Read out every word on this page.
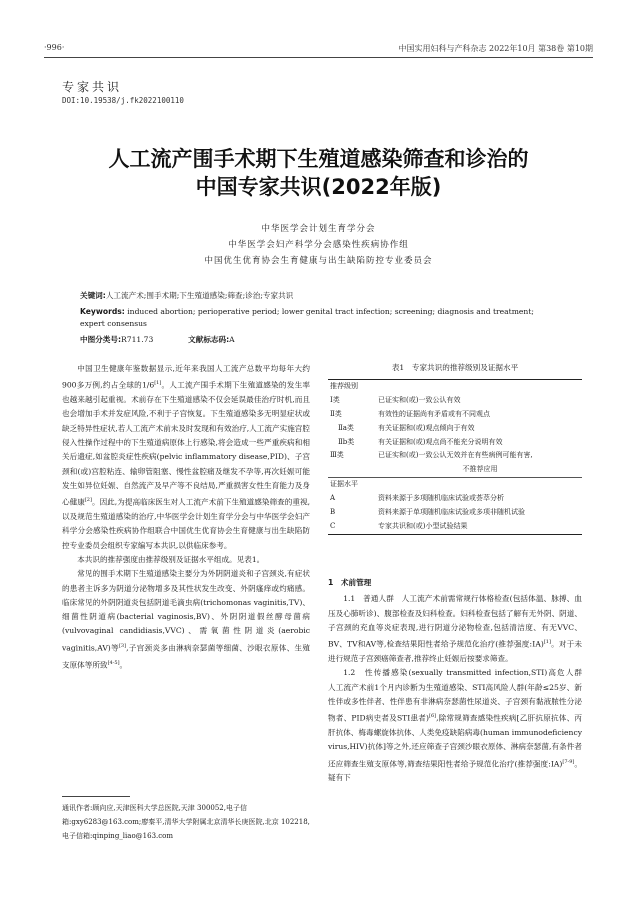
·996·	中国实用妇科与产科杂志 2022年10月 第38卷 第10期
专家共识
DOI:10.19538/j.fk2022100110
人工流产围手术期下生殖道感染筛查和诊治的
中国专家共识(2022年版)
中华医学会计划生育学分会
中华医学会妇产科学分会感染性疾病协作组
中国优生优育协会生育健康与出生缺陷防控专业委员会
关键词:人工流产术;围手术期;下生殖道感染;筛查;诊治;专家共识
Keywords: induced abortion; perioperative period; lower genital tract infection; screening; diagnosis and treatment; expert consensus
中图分类号:R711.73	文献标志码:A

中国卫生健康年鉴数据显示,近年来我国人工流产总数平均每年大约900多万例,约占全球的1/6[1]。人工流产围手术期下生殖道感染的发生率也越来越引起重视。术前存在下生殖道感染不仅会延误最佳治疗时机,而且也会增加手术并发症风险,不利于子宫恢复。下生殖道感染多无明显症状或缺乏特异性症状,若人工流产术前未及时发现和有效治疗,人工流产实施宫腔侵入性操作过程中的下生殖道病原体上行感染,将会造成一些严重疾病和相关后遗症,如盆腔炎症性疾病(pelvic inflammatory disease,PID)、子宫颈和(或)宫腔粘连、输卵管阻塞、慢性盆腔痛及继发不孕等,再次妊娠可能发生如异位妊娠、自然流产及早产等不良结局,严重损害女性生育能力及身心健康[2]。因此,为提高临床医生对人工流产术前下生殖道感染筛查的重视,以及规范生殖道感染的治疗,中华医学会计划生育学分会与中华医学会妇产科学分会感染性疾病协作组联合中国优生优育协会生育健康与出生缺陷防控专业委员会组织专家编写本共识,以供临床参考。

本共识的推荐强度由推荐级别及证据水平组成。见表1。

常见的围手术期下生殖道感染主要分为外阴阴道炎和子宫颈炎,有症状的患者主诉多为阴道分泌物增多及其性状发生改变、外阴瘙痒或灼痛感。临床常见的外阴阴道炎包括阴道毛滴虫病(trichomonas vaginitis,TV)、细菌性阴道病(bacterial vaginosis,BV)、外阴阴道假丝酵母菌病(vulvovaginal candidiasis,VVC)、需氧菌性阴道炎(aerobic vaginitis,AV)等[3],子宫颈炎多由淋病奈瑟菌等细菌、沙眼衣原体、生殖支原体等所致[4-5]。

通讯作者:顾向应,天津医科大学总医院,天津 300052,电子信箱:gxy6283@163.com;廖秦平,清华大学附属北京清华长庚医院,北京 102218,电子信箱:qinping_liao@163.com
表1　专家共识的推荐级别及证据水平
推荐级别
Ⅰ类	已证实和(或)一致公认有效
Ⅱ类	有效性的证据尚有矛盾或有不同观点
Ⅱa类	有关证据和(或)观点倾向于有效
Ⅱb类	有关证据和(或)观点尚不能充分说明有效
Ⅲ类	已证实和(或)一致公认无效并在有些病例可能有害,
不推荐应用
证据水平
A	资料来源于多项随机临床试验或荟萃分析
B	资料来源于单项随机临床试验或多项非随机试验
C	专家共识和(或)小型试验结果

1　术前管理

1.1　普通人群　人工流产术前需常规行体格检查(包括体温、脉搏、血压及心肺听诊)、腹部检查及妇科检查。妇科检查包括了解有无外阴、阴道、子宫颈的充血等炎症表现,进行阴道分泌物检查,包括清洁度、有无VVC、BV、TV和AV等,检查结果阳性者给予规范化治疗(推荐强度:ⅠA)[1]。对于未进行规范子宫颈癌筛查者,推荐终止妊娠后按要求筛查。

1.2　性传播感染(sexually transmitted infection,STI)高危人群　人工流产术前1个月内诊断为生殖道感染、STI高风险人群(年龄≤25岁、新性伴或多性伴者、性伴患有非淋病奈瑟菌性尿道炎、子宫颈有黏液脓性分泌物者、PID病史者及STI患者)[6],除常规筛查感染性疾病[乙肝抗原抗体、丙肝抗体、梅毒螺旋体抗体、人类免疫缺陷病毒(human immunodeficiency virus,HIV)抗体]等之外,还应筛查子宫颈沙眼衣原体、淋病奈瑟菌,有条件者还应筛查生殖支原体等,筛查结果阳性者给予规范化治疗(推荐强度:ⅠA)[7-9]。疑有下
